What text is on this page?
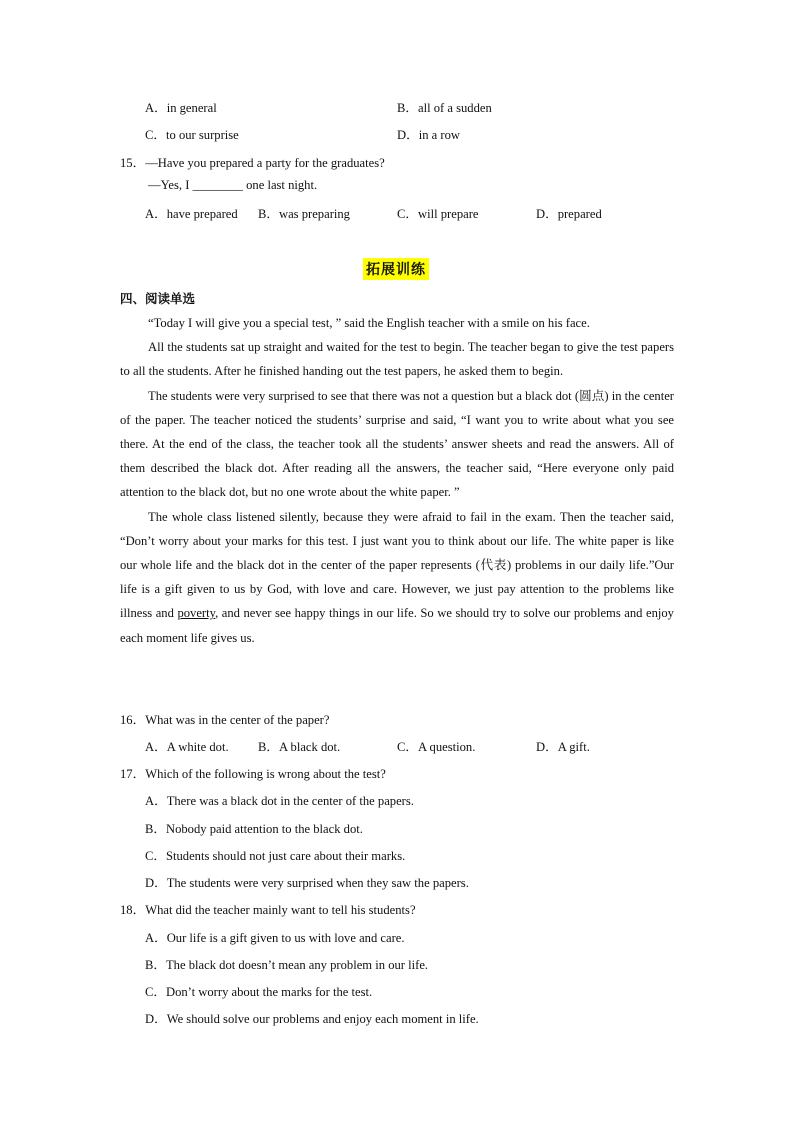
A．in general	B．all of a sudden
C．to our surprise	D．in a row
15．—Have you prepared a party for the graduates?
—Yes, I ________ one last night.
A．have prepared B．was preparing	C．will prepare	D．prepared
拓展训练
四、阅读单选

“Today I will give you a special test, ” said the English teacher with a smile on his face.

All the students sat up straight and waited for the test to begin. The teacher began to give the test papers to all the students. After he finished handing out the test papers, he asked them to begin.

The students were very surprised to see that there was not a question but a black dot (圆点) in the center of the paper. The teacher noticed the students’ surprise and said, “I want you to write about what you see there. At the end of the class, the teacher took all the students’ answer sheets and read the answers. All of them described the black dot. After reading all the answers, the teacher said, “Here everyone only paid attention to the black dot, but no one wrote about the white paper. ”

The whole class listened silently, because they were afraid to fail in the exam. Then the teacher said, “Don’t worry about your marks for this test. I just want you to think about our life. The white paper is like our whole life and the black dot in the center of the paper represents (代表) problems in our daily life.”Our life is a gift given to us by God, with love and care. However, we just pay attention to the problems like illness and poverty, and never see happy things in our life. So we should try to solve our problems and enjoy each moment life gives us.

16．What was in the center of the paper?
A．A white dot. B．A black dot.	C．A question.	D．A gift.
17．Which of the following is wrong about the test?
A．There was a black dot in the center of the papers.
B．Nobody paid attention to the black dot.
C．Students should not just care about their marks.
D．The students were very surprised when they saw the papers.
18．What did the teacher mainly want to tell his students?
A．Our life is a gift given to us with love and care.
B．The black dot doesn’t mean any problem in our life.
C．Don’t worry about the marks for the test.
D．We should solve our problems and enjoy each moment in life.
